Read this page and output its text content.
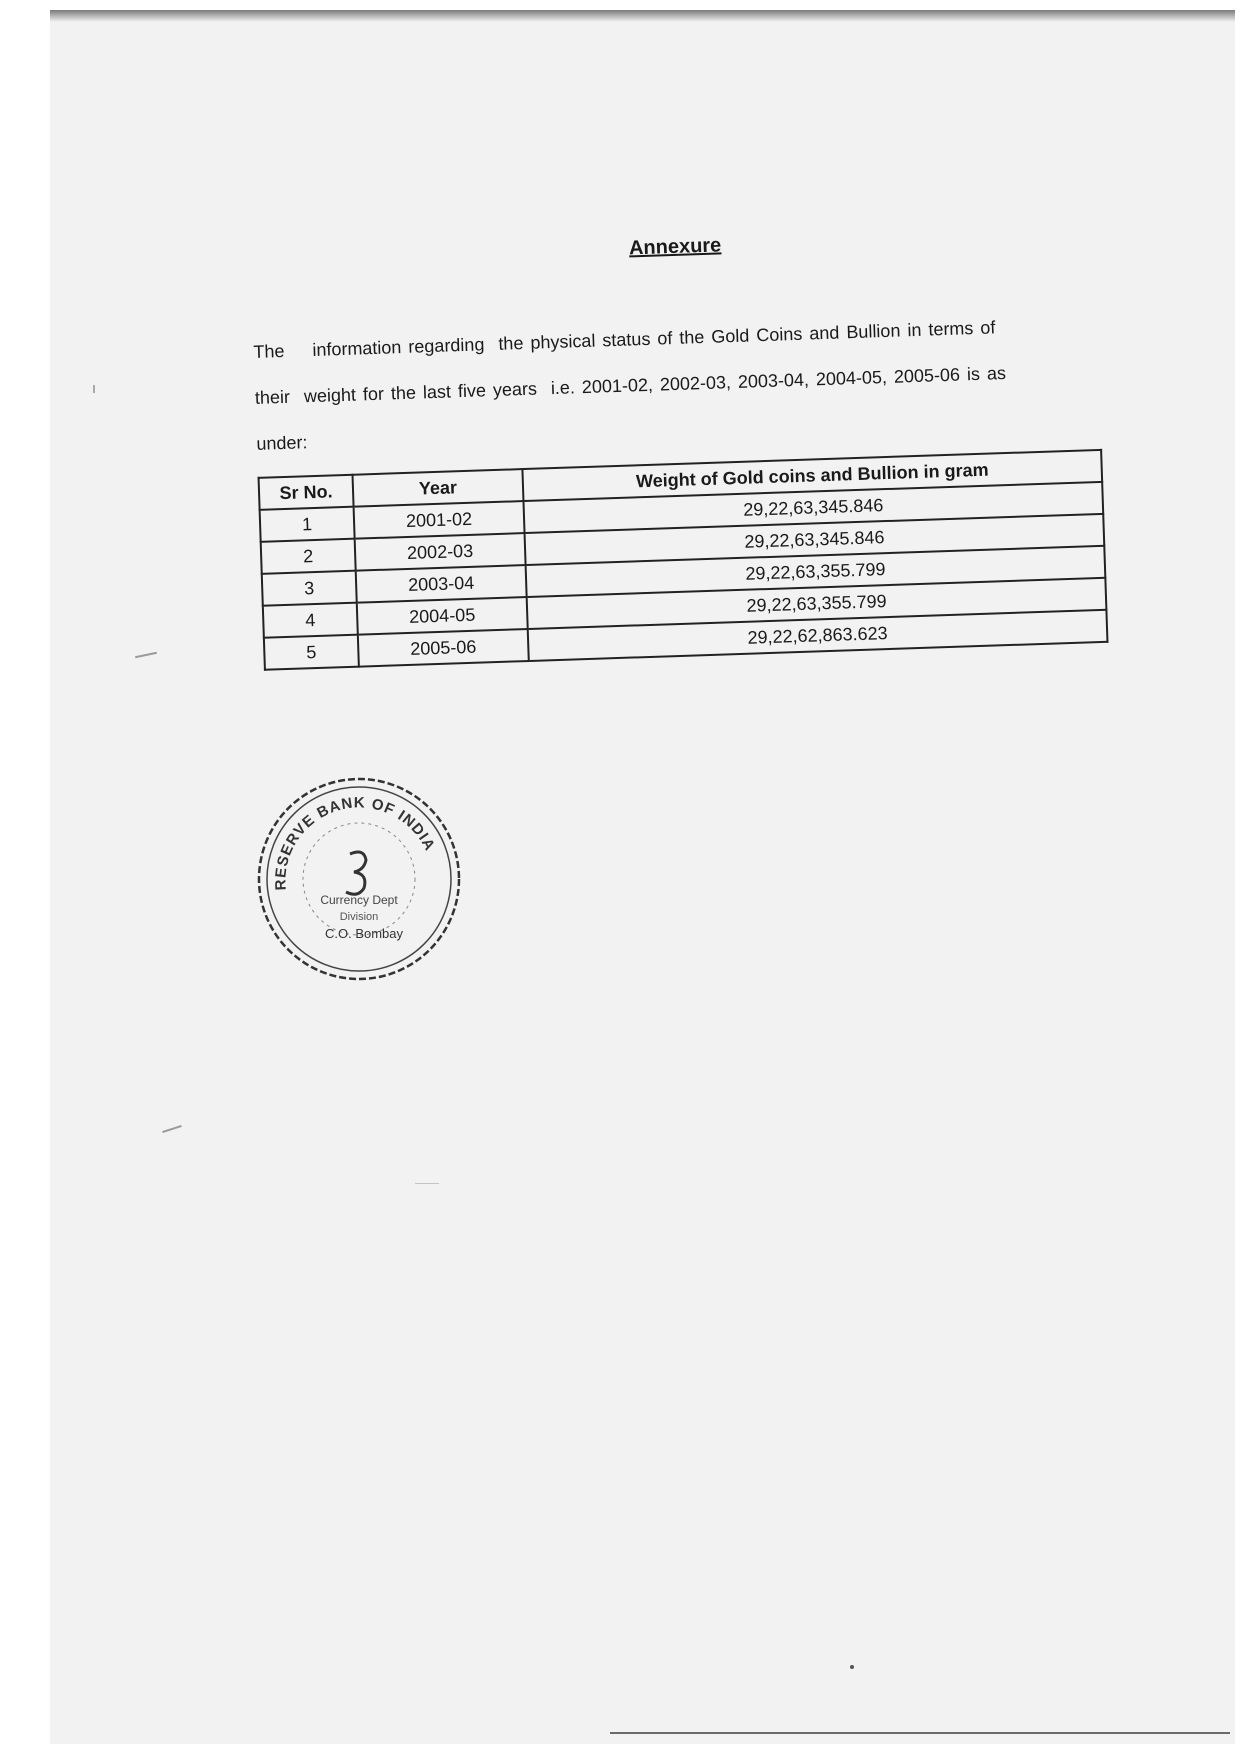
Annexure
The    information regarding  the physical status of the Gold Coins and Bullion in terms of
their  weight for the last five years  i.e. 2001-02, 2002-03, 2003-04, 2004-05, 2005-06 is as
under:
Sr No.	Year	Weight of Gold coins and Bullion in gram
1	2001-02	29,22,63,345.846
2	2002-03	29,22,63,345.846
3	2003-04	29,22,63,355.799
4	2004-05	29,22,63,355.799
5	2005-06	29,22,62,863.623
RESERVE BANK OF INDIA
Currency Dept
Division
C.O. Bombay
